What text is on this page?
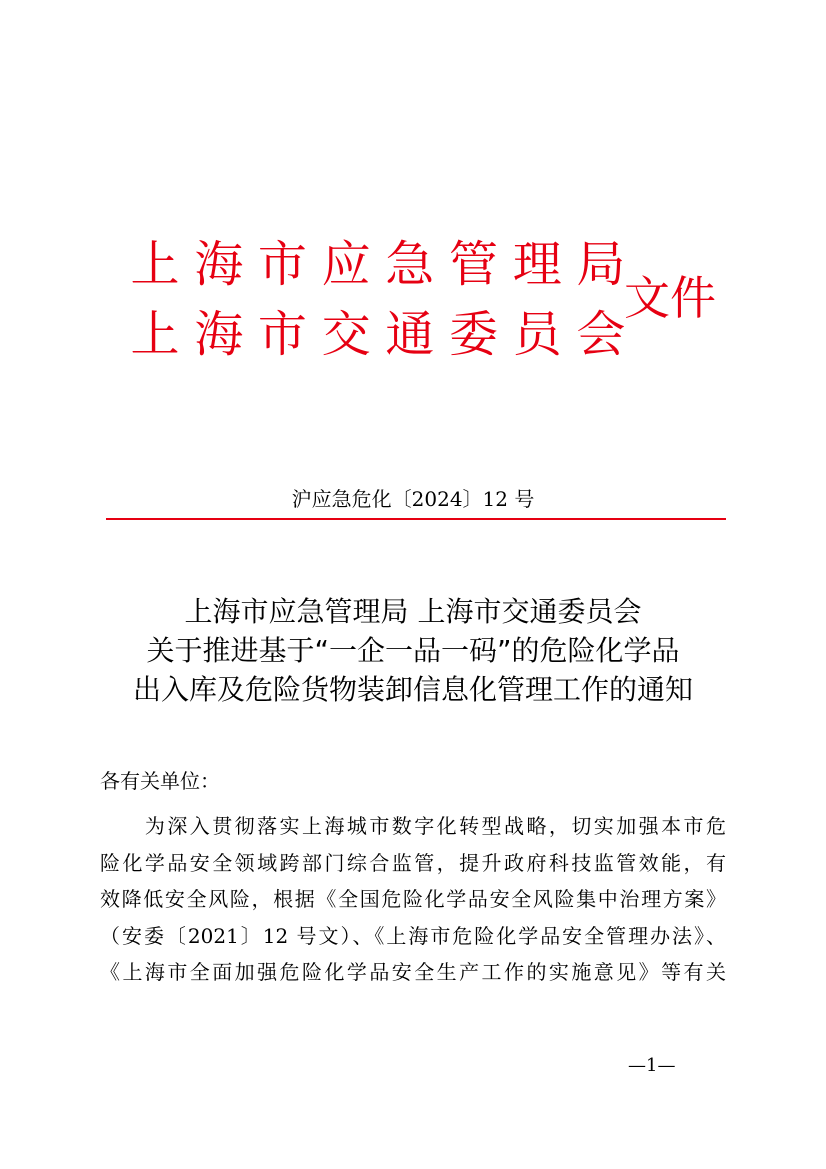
上 海 市 应 急 管 理 局
上 海 市 交 通 委 员 会
文件
沪应急危化〔2024〕12 号
上海市应急管理局 上海市交通委员会
关于推进基于“一企一品一码”的危险化学品
出入库及危险货物装卸信息化管理工作的通知
各有关单位：
　　为深入贯彻落实上海城市数字化转型战略，切实加强本市危
险化学品安全领域跨部门综合监管，提升政府科技监管效能，有
效降低安全风险，根据《全国危险化学品安全风险集中治理方案》
（安委〔2021〕12 号文）、《上海市危险化学品安全管理办法》、
《上海市全面加强危险化学品安全生产工作的实施意见》等有关
—1—
